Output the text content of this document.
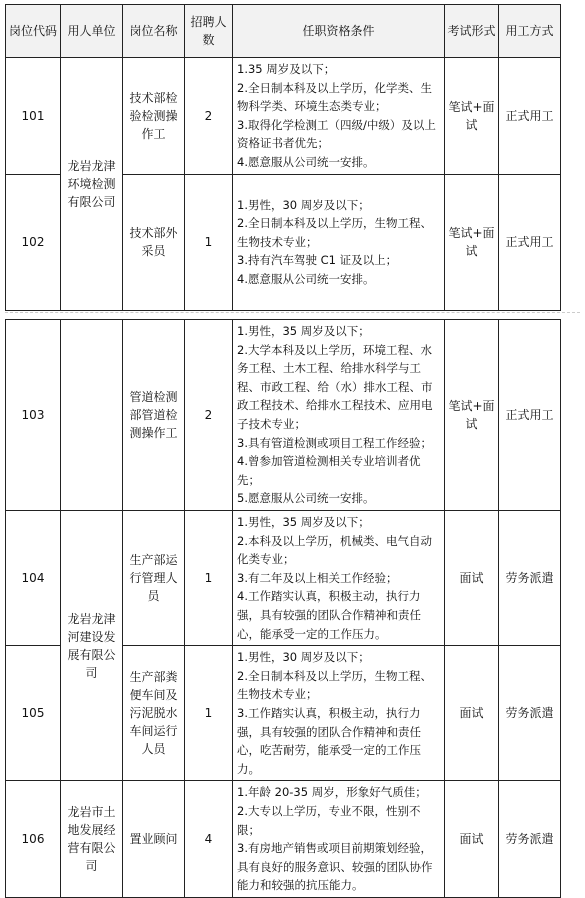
岗位代码	用人单位	岗位名称	招聘人数	任职资格条件	考试形式	用工方式
101	龙岩龙津环境检测有限公司	技术部检验检测操作工	2	1.35 周岁及以下；
2.全日制本科及以上学历，化学类、生物科学类、环境生态类专业；
3.取得化学检测工（四级/中级）及以上资格证书者优先；
4.愿意服从公司统一安排。	笔试+面试	正式用工
102		技术部外采员	1	1.男性，30 周岁及以下；
2.全日制本科及以上学历，生物工程、生物技术专业；
3.持有汽车驾驶 C1 证及以上；
4.愿意服从公司统一安排。	笔试+面试	正式用工
103		管道检测部管道检测操作工	2	1.男性，35 周岁及以下；
2.大学本科及以上学历，环境工程、水务工程、土木工程、给排水科学与工程、市政工程、给（水）排水工程、市政工程技术、给排水工程技术、应用电子技术专业；
3.具有管道检测或项目工程工作经验；
4.曾参加管道检测相关专业培训者优先；
5.愿意服从公司统一安排。	笔试+面试	正式用工
104	龙岩龙津河建设发展有限公司	生产部运行管理人员	1	1.男性，35 周岁及以下；
2.本科及以上学历，机械类、电气自动化类专业；
3.有二年及以上相关工作经验；
4.工作踏实认真，积极主动，执行力强，具有较强的团队合作精神和责任心，能承受一定的工作压力。	面试	劳务派遣
105		生产部粪便车间及污泥脱水车间运行人员	1	1.男性，30 周岁及以下；
2.全日制本科及以上学历，生物工程、生物技术专业；
3.工作踏实认真，积极主动，执行力强，具有较强的团队合作精神和责任心，吃苦耐劳，能承受一定的工作压力。	面试	劳务派遣
106	龙岩市土地发展经营有限公司	置业顾问	4	1.年龄 20-35 周岁，形象好气质佳；
2.大专以上学历，专业不限，性别不限；
3.有房地产销售或项目前期策划经验，具有良好的服务意识、较强的团队协作能力和较强的抗压能力。	面试	劳务派遣
